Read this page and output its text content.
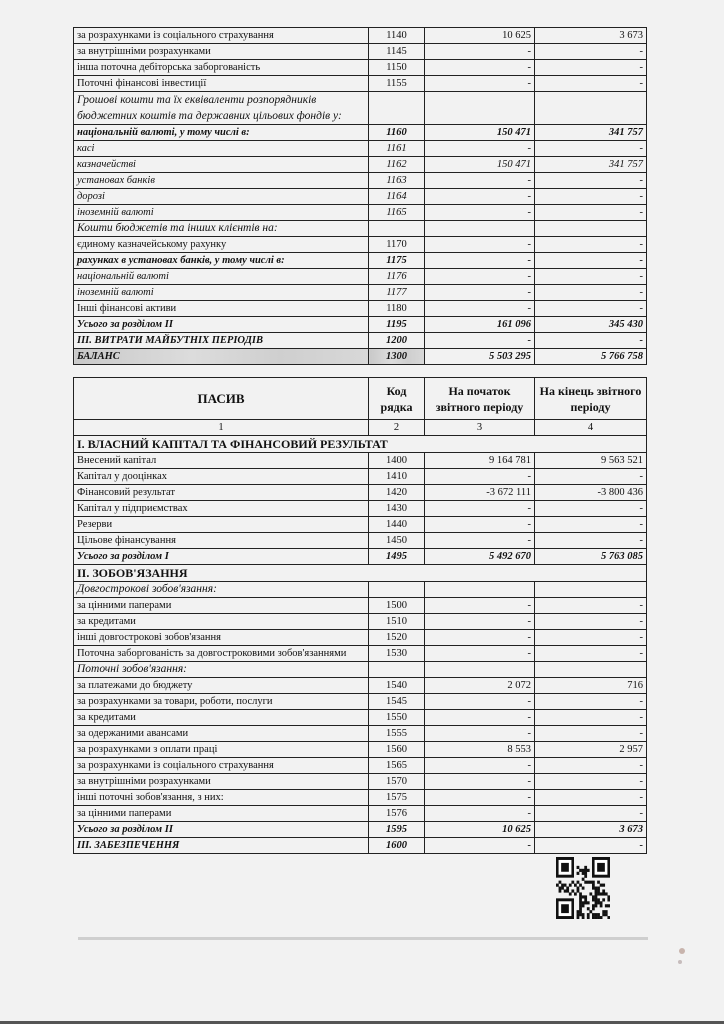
за розрахунками із соціального страхування	1140	10 625	3 673
за внутрішніми розрахунками	1145	-	-
інша поточна дебіторська заборгованість	1150	-	-
Поточні фінансові інвестиції	1155	-	-
Грошові кошти та їх еквіваленти розпорядників бюджетних коштів та державних цільових фондів у:			
національній валюті, у тому числі в:	1160	150 471	341 757
касі	1161	-	-
казначействі	1162	150 471	341 757
установах банків	1163	-	-
дорозі	1164	-	-
іноземній валюті	1165	-	-
Кошти бюджетів та інших клієнтів на:			
єдиному казначейському рахунку	1170	-	-
рахунках в установах банків, у тому числі в:	1175	-	-
національній валюті	1176	-	-
іноземній валюті	1177	-	-
Інші фінансові активи	1180	-	-
Усього за розділом II	1195	161 096	345 430
III. ВИТРАТИ МАЙБУТНІХ ПЕРІОДІВ	1200	-	-
БАЛАНС	1300	5 503 295	5 766 758
ПАСИВ	Код рядка	На початок звітного періоду	На кінець звітного періоду
1	2	3	4
I. ВЛАСНИЙ КАПІТАЛ ТА ФІНАНСОВИЙ РЕЗУЛЬТАТ			
Внесений капітал	1400	9 164 781	9 563 521
Капітал у дооцінках	1410	-	-
Фінансовий результат	1420	-3 672 111	-3 800 436
Капітал у підприємствах	1430	-	-
Резерви	1440	-	-
Цільове фінансування	1450	-	-
Усього за розділом I	1495	5 492 670	5 763 085
II. ЗОБОВ'ЯЗАННЯ			
Довгострокові зобов'язання:			
за цінними паперами	1500	-	-
за кредитами	1510	-	-
інші довгострокові зобов'язання	1520	-	-
Поточна заборгованість за довгостроковими зобов'язаннями	1530	-	-
Поточні зобов'язання:			
за платежами до бюджету	1540	2 072	716
за розрахунками за товари, роботи, послуги	1545	-	-
за кредитами	1550	-	-
за одержаними авансами	1555	-	-
за розрахунками з оплати праці	1560	8 553	2 957
за розрахунками із соціального страхування	1565	-	-
за внутрішніми розрахунками	1570	-	-
інші поточні зобов'язання, з них:	1575	-	-
за цінними паперами	1576	-	-
Усього за розділом II	1595	10 625	3 673
III. ЗАБЕЗПЕЧЕННЯ	1600	-	-
